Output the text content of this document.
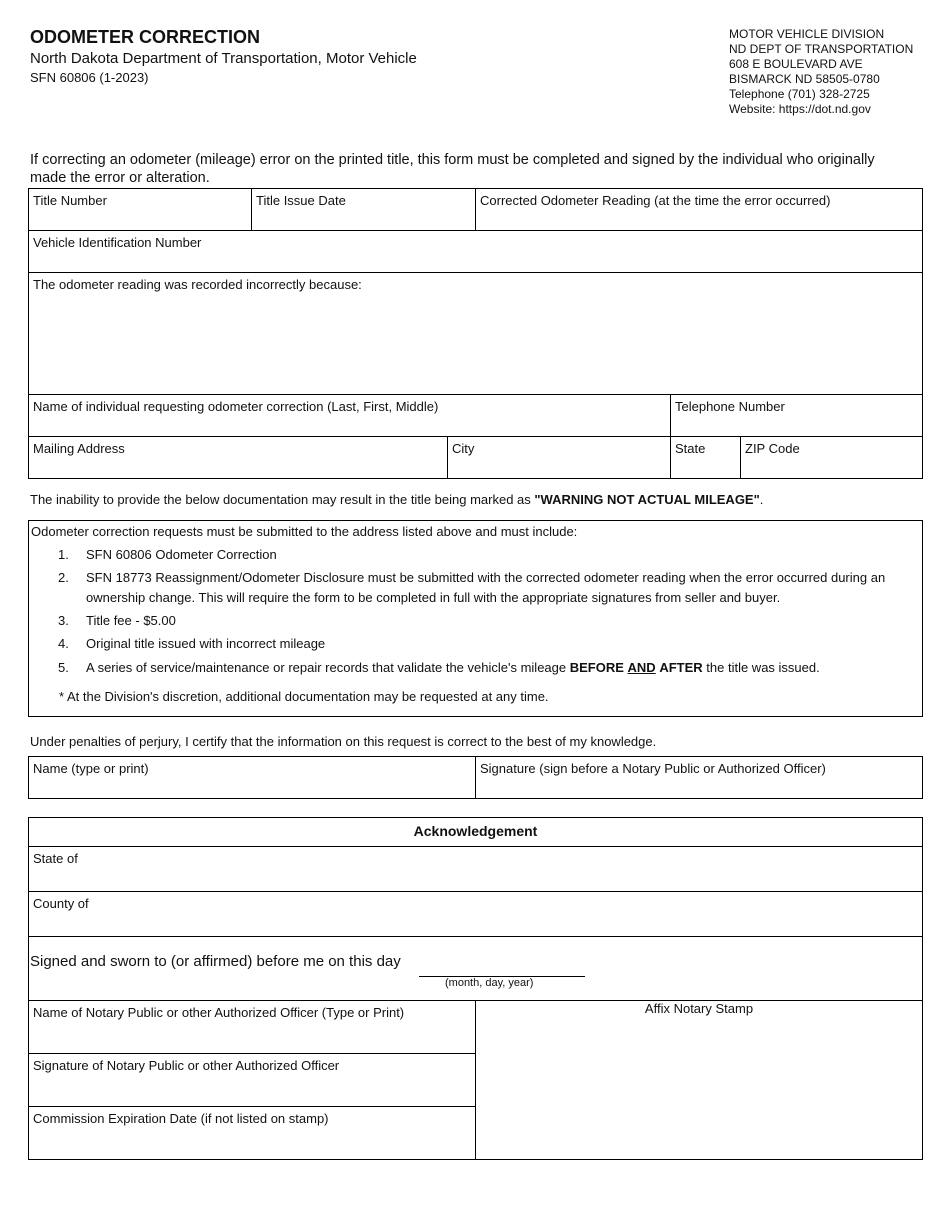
ODOMETER CORRECTION
North Dakota Department of Transportation, Motor Vehicle
SFN 60806 (1-2023)
MOTOR VEHICLE DIVISION
ND DEPT OF TRANSPORTATION
608 E BOULEVARD AVE
BISMARCK ND 58505-0780
Telephone (701) 328-2725
Website: https://dot.nd.gov
If correcting an odometer (mileage) error on the printed title, this form must be completed and signed by the individual who originally made the error or alteration.
Title Number	Title Issue Date	Corrected Odometer Reading (at the time the error occurred)
Vehicle Identification Number
The odometer reading was recorded incorrectly because:
Name of individual requesting odometer correction (Last, First, Middle)	Telephone Number
Mailing Address	City	State	ZIP Code
The inability to provide the below documentation may result in the title being marked as "WARNING NOT ACTUAL MILEAGE".
Odometer correction requests must be submitted to the address listed above and must include:
1. SFN 60806 Odometer Correction
2. SFN 18773 Reassignment/Odometer Disclosure must be submitted with the corrected odometer reading when the error occurred during an ownership change. This will require the form to be completed in full with the appropriate signatures from seller and buyer.
3. Title fee - $5.00
4. Original title issued with incorrect mileage
5. A series of service/maintenance or repair records that validate the vehicle's mileage BEFORE AND AFTER the title was issued.
* At the Division's discretion, additional documentation may be requested at any time.
Under penalties of perjury, I certify that the information on this request is correct to the best of my knowledge.
Name (type or print)	Signature (sign before a Notary Public or Authorized Officer)
Acknowledgement
State of
County of
Signed and sworn to (or affirmed) before me on this day
(month, day, year)
Name of Notary Public or other Authorized Officer (Type or Print)
Signature of Notary Public or other Authorized Officer
Commission Expiration Date (if not listed on stamp)
Affix Notary Stamp
